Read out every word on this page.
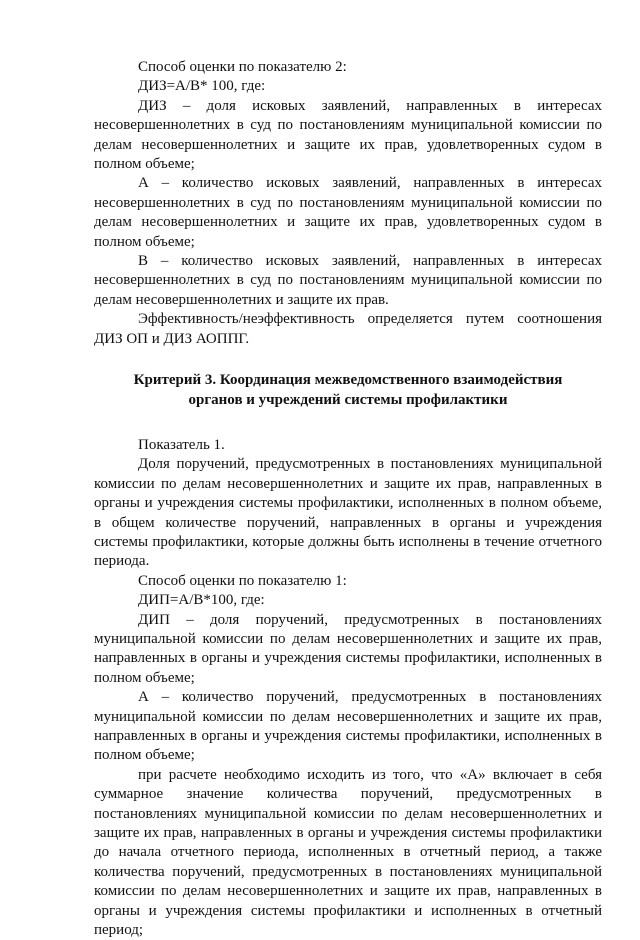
Способ оценки по показателю 2:

ДИЗ=А/В* 100, где:

ДИЗ – доля исковых заявлений, направленных в интересах несовершеннолетних в суд по постановлениям муниципальной комиссии по делам несовершеннолетних и защите их прав, удовлетворенных судом в полном объеме;

А – количество исковых заявлений, направленных в интересах несовершеннолетних в суд по постановлениям муниципальной комиссии по делам несовершеннолетних и защите их прав, удовлетворенных судом в полном объеме;

В – количество исковых заявлений, направленных в интересах несовершеннолетних в суд по постановлениям муниципальной комиссии по делам несовершеннолетних и защите их прав.

Эффективность/неэффективность определяется путем соотношения ДИЗ ОП и ДИЗ АОППГ.

Критерий 3. Координация межведомственного взаимодействия
органов и учреждений системы профилактики

Показатель 1.

Доля поручений, предусмотренных в постановлениях муниципальной комиссии по делам несовершеннолетних и защите их прав, направленных в органы и учреждения системы профилактики, исполненных в полном объеме, в общем количестве поручений, направленных в органы и учреждения системы профилактики, которые должны быть исполнены в течение отчетного периода.

Способ оценки по показателю 1:

ДИП=А/В*100, где:

ДИП – доля поручений, предусмотренных в постановлениях муниципальной комиссии по делам несовершеннолетних и защите их прав, направленных в органы и учреждения системы профилактики, исполненных в полном объеме;

А – количество поручений, предусмотренных в постановлениях муниципальной комиссии по делам несовершеннолетних и защите их прав, направленных в органы и учреждения системы профилактики, исполненных в полном объеме;

при расчете необходимо исходить из того, что «А» включает в себя суммарное значение количества поручений, предусмотренных в постановлениях муниципальной комиссии по делам несовершеннолетних и защите их прав, направленных в органы и учреждения системы профилактики до начала отчетного периода, исполненных в отчетный период, а также количества поручений, предусмотренных в постановлениях муниципальной комиссии по делам несовершеннолетних и защите их прав, направленных в органы и учреждения системы профилактики и исполненных в отчетный период;
